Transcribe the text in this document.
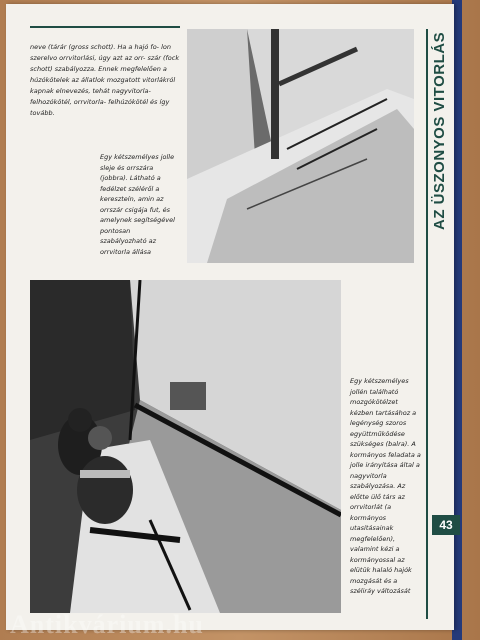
AZ ÜSZONYOS VITORLÁS
43
neve (tárár (gross schott). Ha a hajó fo- lon szerelvo orrvitorlási, úgy azt az orr- szár (fock schott) szabályozza. Ennek megfelelően a húzókötelek az állatlok mozgatott vitorlákról kapnak elnevezés, tehát nagyvitorla-felhozókötél, orrvitorla- felhúzókötél és így tovább.
Egy kétszemélyes jolle sleje és orrszára (jobbra). Látható a fedélzet széléről a kereszteín, amin az orrszár csigája fut, és amelynek segítségével pontosan szabályozható az orrvitorla állása
Egy kétszemélyes jollén található mozgókötélzet kézben tartásához a legénység szoros együttműködése szükséges (balra). A kormányos feladata a jolle irányítása által a nagyvitorla szabályozása. Az előtte ülő társ az orrvitorlát (a kormányos utasításainak megfelelően), valamint kézi a kormányossal az elütük halaló hajók mozgását és a széliráy változását
Antikvárium.hu
